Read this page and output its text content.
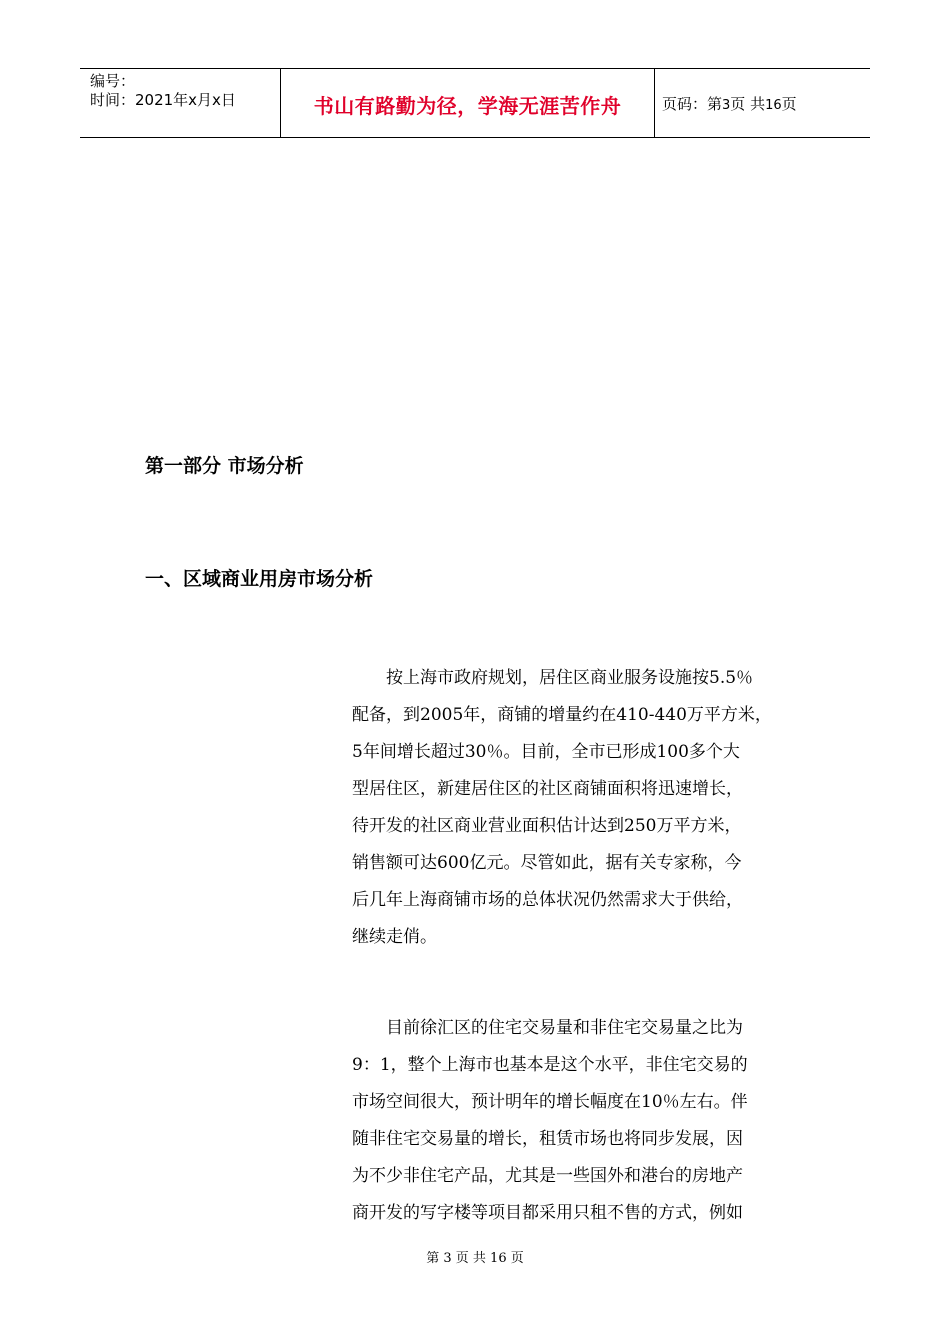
编号：
时间：2021年x月x日	书山有路勤为径，学海无涯苦作舟	页码：第3页 共16页
第一部分 市场分析
一、区域商业用房市场分析
　　按上海市政府规划，居住区商业服务设施按5.5％
配备，到2005年，商铺的增量约在410-440万平方米，
5年间增长超过30％。目前，全市已形成100多个大
型居住区，新建居住区的社区商铺面积将迅速增长，
待开发的社区商业营业面积估计达到250万平方米，
销售额可达600亿元。尽管如此，据有关专家称，今
后几年上海商铺市场的总体状况仍然需求大于供给，
继续走俏。
　　目前徐汇区的住宅交易量和非住宅交易量之比为
9：1，整个上海市也基本是这个水平，非住宅交易的
市场空间很大，预计明年的增长幅度在10％左右。伴
随非住宅交易量的增长，租赁市场也将同步发展，因
为不少非住宅产品，尤其是一些国外和港台的房地产
商开发的写字楼等项目都采用只租不售的方式，例如
第 3 页 共 16 页
